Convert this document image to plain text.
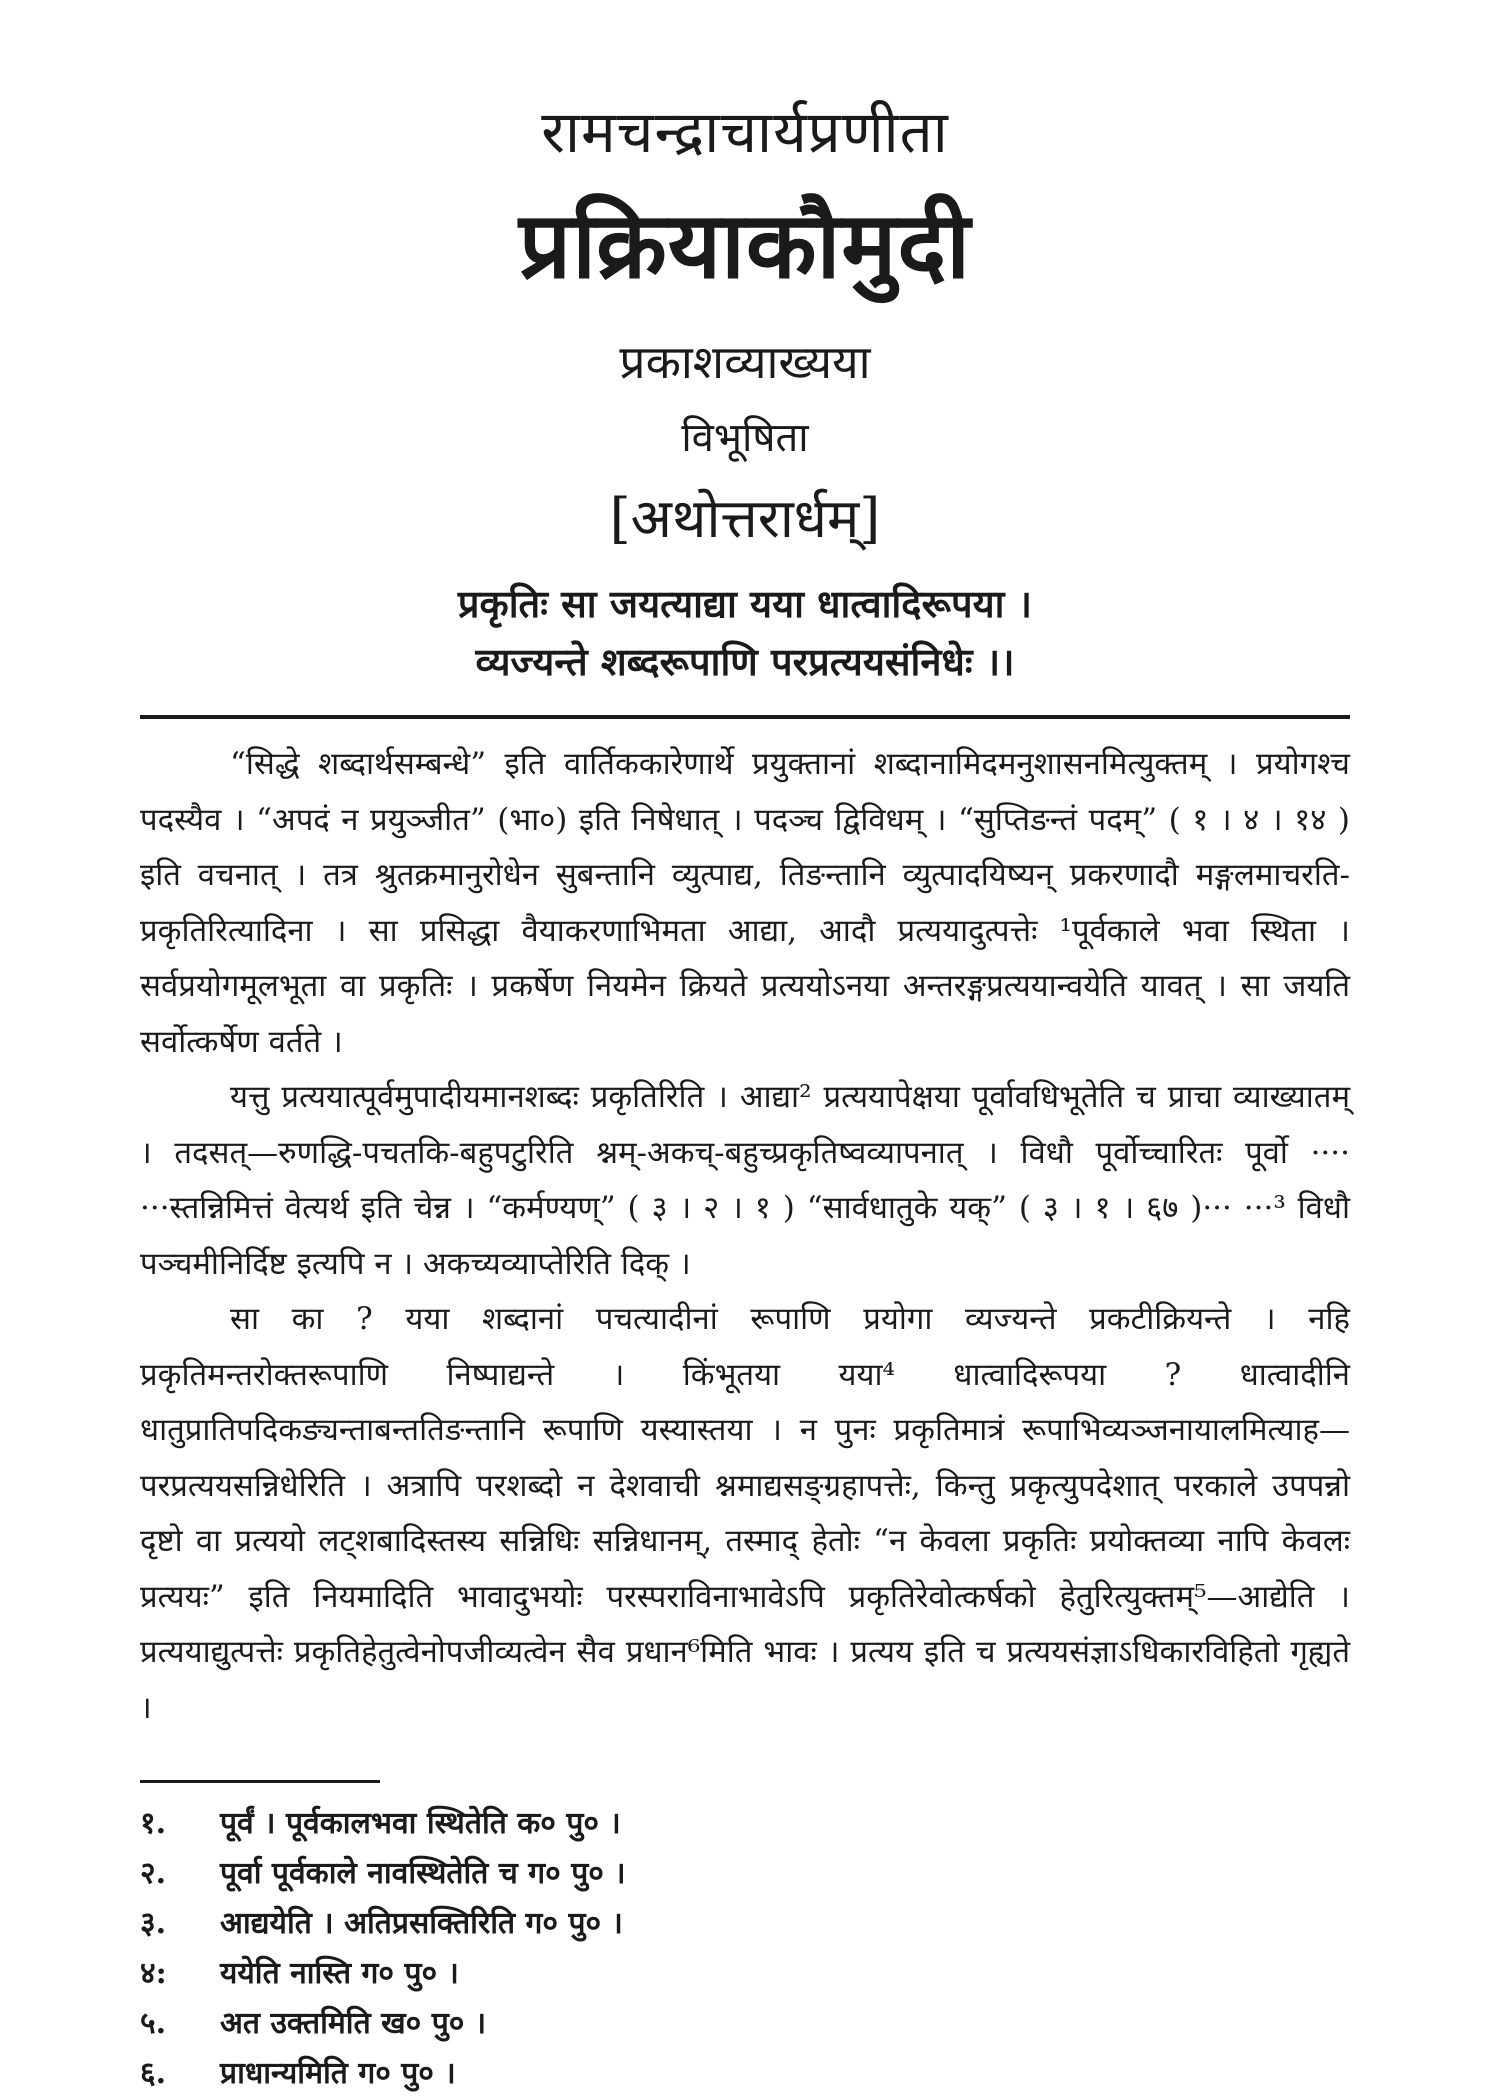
रामचन्द्राचार्यप्रणीता
प्रक्रियाकौमुदी
प्रकाशव्याख्यया
विभूषिता
[अथोत्तरार्धम्]
प्रकृतिः सा जयत्याद्या यया धात्वादिरूपया ।
व्यज्यन्ते शब्दरूपाणि परप्रत्ययसंनिधेः ।।

“सिद्धे शब्दार्थसम्बन्धे” इति वार्तिककारेणार्थे प्रयुक्तानां शब्दानामिदमनुशासनमित्युक्तम् । प्रयोगश्च पदस्यैव । “अपदं न प्रयुञ्जीत” (भा०) इति निषेधात् । पदञ्च द्विविधम् । “सुप्तिङन्तं पदम्” ( १ । ४ । १४ ) इति वचनात् । तत्र श्रुतक्रमानुरोधेन सुबन्तानि व्युत्पाद्य, तिङन्तानि व्युत्पादयिष्यन् प्रकरणादौ मङ्गलमाचरति-प्रकृतिरित्यादिना । सा प्रसिद्धा वैयाकरणाभिमता आद्या, आदौ प्रत्ययादुत्पत्तेः ¹पूर्वकाले भवा स्थिता । सर्वप्रयोगमूलभूता वा प्रकृतिः । प्रकर्षेण नियमेन क्रियते प्रत्ययोऽनया अन्तरङ्गप्रत्ययान्वयेति यावत् । सा जयति सर्वोत्कर्षेण वर्तते ।

यत्तु प्रत्ययात्पूर्वमुपादीयमानशब्दः प्रकृतिरिति । आद्या² प्रत्ययापेक्षया पूर्वावधिभूतेति च प्राचा व्याख्यातम् । तदसत्—रुणद्धि-पचतकि-बहुपटुरिति श्नम्-अकच्-बहुच्प्रकृतिष्वव्यापनात् । विधौ पूर्वोच्चारितः पूर्वो ···· ···स्तन्निमित्तं वेत्यर्थ इति चेन्न । “कर्मण्यण्” ( ३ । २ । १ ) “सार्वधातुके यक्” ( ३ । १ । ६७ )··· ···³ विधौ पञ्चमीनिर्दिष्ट इत्यपि न । अकच्यव्याप्तेरिति दिक् ।

सा का ? यया शब्दानां पचत्यादीनां रूपाणि प्रयोगा व्यज्यन्ते प्रकटीक्रियन्ते । नहि प्रकृतिमन्तरोक्तरूपाणि निष्पाद्यन्ते । किंभूतया यया⁴ धात्वादिरूपया ? धात्वादीनि धातुप्रातिपदिकङ्यन्ताबन्ततिङन्तानि रूपाणि यस्यास्तया । न पुनः प्रकृतिमात्रं रूपाभिव्यञ्जनायालमित्याह—परप्रत्ययसन्निधेरिति । अत्रापि परशब्दो न देशवाची श्नमाद्यसङ्ग्रहापत्तेः, किन्तु प्रकृत्युपदेशात् परकाले उपपन्नो दृष्टो वा प्रत्ययो लट्शबादिस्तस्य सन्निधिः सन्निधानम्, तस्माद् हेतोः “न केवला प्रकृतिः प्रयोक्तव्या नापि केवलः प्रत्ययः” इति नियमादिति भावादुभयोः परस्पराविनाभावेऽपि प्रकृतिरेवोत्कर्षको हेतुरित्युक्तम्⁵—आद्येति । प्रत्ययाद्युत्पत्तेः प्रकृतिहेतुत्वेनोपजीव्यत्वेन सैव प्रधान⁶मिति भावः । प्रत्यय इति च प्रत्ययसंज्ञाऽधिकारविहितो गृह्यते ।

१.	पूर्वं । पूर्वकालभवा स्थितेति क० पु० ।
२.	पूर्वा पूर्वकाले नावस्थितेति च ग० पु० ।
३.	आद्ययेति । अतिप्रसक्तिरिति ग० पु० ।
४:	ययेति नास्ति ग० पु० ।
५.	अत उक्तमिति ख० पु० ।
६.	प्राधान्यमिति ग० पु० ।
